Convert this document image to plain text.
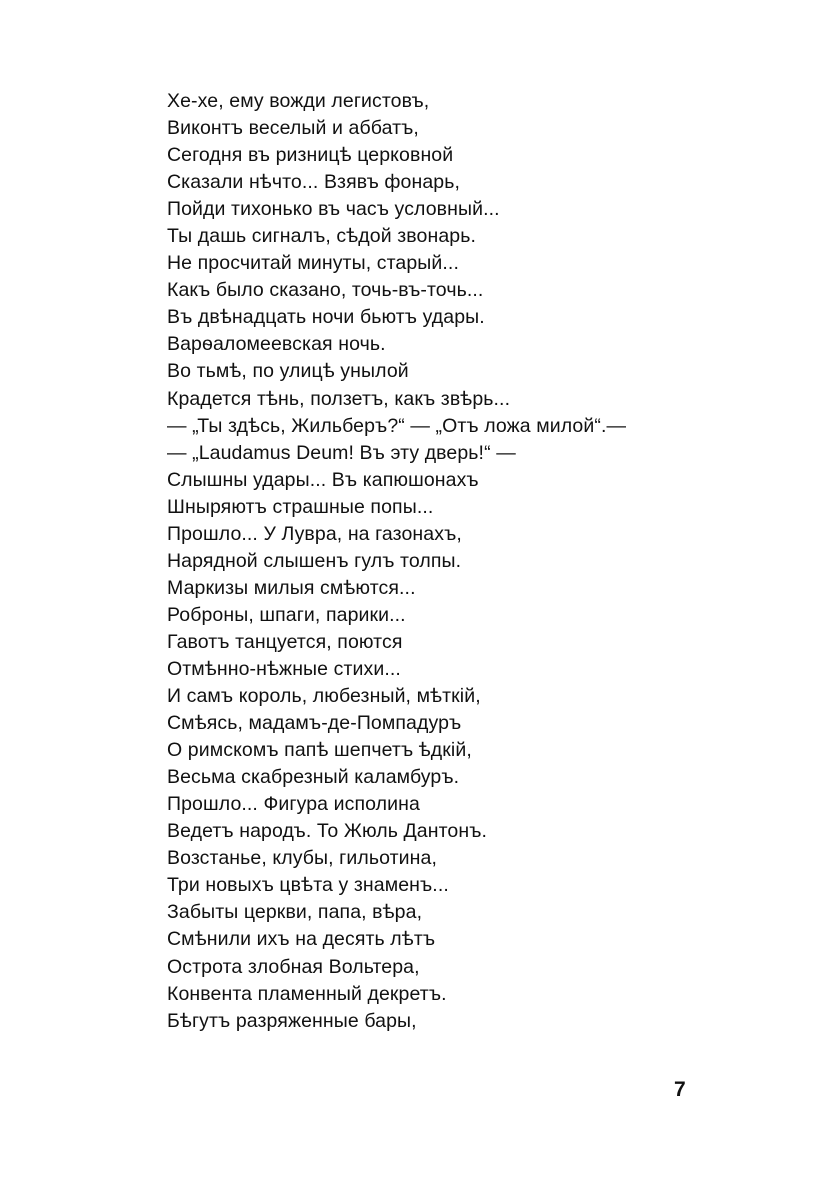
Хе-хе, ему вожди легистовъ,
Виконтъ веселый и аббатъ,
Сегодня въ ризницѣ церковной
Сказали нѣчто... Взявъ фонарь,
Пойди тихонько въ часъ условный...
Ты дашь сигналъ, сѣдой звонарь.
Не просчитай минуты, старый...
Какъ было сказано, точь-въ-точь...
Въ двѣнадцать ночи бьютъ удары.
Варѳаломеевская ночь.
Во тьмѣ, по улицѣ унылой
Крадется тѣнь, ползетъ, какъ звѣрь...
— „Ты здѣсь, Жильберъ?“ — „Отъ ложа милой“.—
— „Laudamus Deum! Въ эту дверь!“ —
Слышны удары... Въ капюшонахъ
Шныряютъ страшные попы...
Прошло... У Лувра, на газонахъ,
Нарядной слышенъ гулъ толпы.
Маркизы милыя смѣются...
Роброны, шпаги, парики...
Гавотъ танцуется, поются
Отмѣнно-нѣжные стихи...
И самъ король, любезный, мѣткій,
Смѣясь, мадамъ-де-Помпадуръ
О римскомъ папѣ шепчетъ ѣдкій,
Весьма скабрезный каламбуръ.
Прошло... Фигура исполина
Ведетъ народъ. То Жюль Дантонъ.
Возстанье, клубы, гильотина,
Три новыхъ цвѣта у знаменъ...
Забыты церкви, папа, вѣра,
Смѣнили ихъ на десять лѣтъ
Острота злобная Вольтера,
Конвента пламенный декретъ.
Бѣгутъ разряженные бары,
7
